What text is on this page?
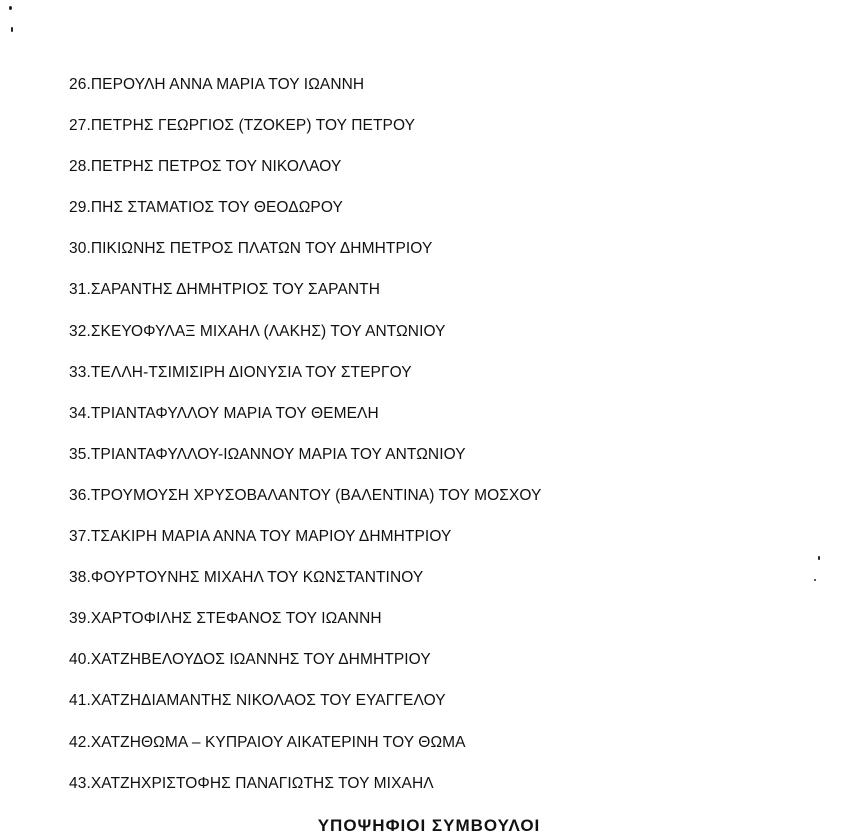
26.ΠΕΡΟΥΛΗ ΑΝΝΑ ΜΑΡΙΑ ΤΟΥ ΙΩΑΝΝΗ
27.ΠΕΤΡΗΣ ΓΕΩΡΓΙΟΣ (ΤΖΟΚΕΡ) ΤΟΥ ΠΕΤΡΟΥ
28.ΠΕΤΡΗΣ ΠΕΤΡΟΣ ΤΟΥ ΝΙΚΟΛΑΟΥ
29.ΠΗΣ ΣΤΑΜΑΤΙΟΣ ΤΟΥ ΘΕΟΔΩΡΟΥ
30.ΠΙΚΙΩΝΗΣ ΠΕΤΡΟΣ ΠΛΑΤΩΝ ΤΟΥ ΔΗΜΗΤΡΙΟΥ
31.ΣΑΡΑΝΤΗΣ ΔΗΜΗΤΡΙΟΣ ΤΟΥ ΣΑΡΑΝΤΗ
32.ΣΚΕΥΟΦΥΛΑΞ ΜΙΧΑΗΛ (ΛΑΚΗΣ) ΤΟΥ ΑΝΤΩΝΙΟΥ
33.ΤΕΛΛΗ-ΤΣΙΜΙΣΙΡΗ ΔΙΟΝΥΣΙΑ ΤΟΥ ΣΤΕΡΓΟΥ
34.ΤΡΙΑΝΤΑΦΥΛΛΟΥ ΜΑΡΙΑ ΤΟΥ ΘΕΜΕΛΗ
35.ΤΡΙΑΝΤΑΦΥΛΛΟΥ-ΙΩΑΝΝΟΥ ΜΑΡΙΑ ΤΟΥ ΑΝΤΩΝΙΟΥ
36.ΤΡΟΥΜΟΥΣΗ ΧΡΥΣΟΒΑΛΑΝΤΟΥ (ΒΑΛΕΝΤΙΝΑ) ΤΟΥ ΜΟΣΧΟΥ
37.ΤΣΑΚΙΡΗ ΜΑΡΙΑ ΑΝΝΑ ΤΟΥ ΜΑΡΙΟΥ ΔΗΜΗΤΡΙΟΥ
38.ΦΟΥΡΤΟΥΝΗΣ ΜΙΧΑΗΛ ΤΟΥ ΚΩΝΣΤΑΝΤΙΝΟΥ
39.ΧΑΡΤΟΦΙΛΗΣ ΣΤΕΦΑΝΟΣ ΤΟΥ ΙΩΑΝΝΗ
40.ΧΑΤΖΗΒΕΛΟΥΔΟΣ ΙΩΑΝΝΗΣ ΤΟΥ ΔΗΜΗΤΡΙΟΥ
41.ΧΑΤΖΗΔΙΑΜΑΝΤΗΣ ΝΙΚΟΛΑΟΣ ΤΟΥ ΕΥΑΓΓΕΛΟΥ
42.ΧΑΤΖΗΘΩΜΑ – ΚΥΠΡΑΙΟΥ ΑΙΚΑΤΕΡΙΝΗ ΤΟΥ ΘΩΜΑ
43.ΧΑΤΖΗΧΡΙΣΤΟΦΗΣ ΠΑΝΑΓΙΩΤΗΣ ΤΟΥ ΜΙΧΑΗΛ
ΥΠΟΨΗΦΙΟΙ ΣΥΜΒΟΥΛΟΙ
